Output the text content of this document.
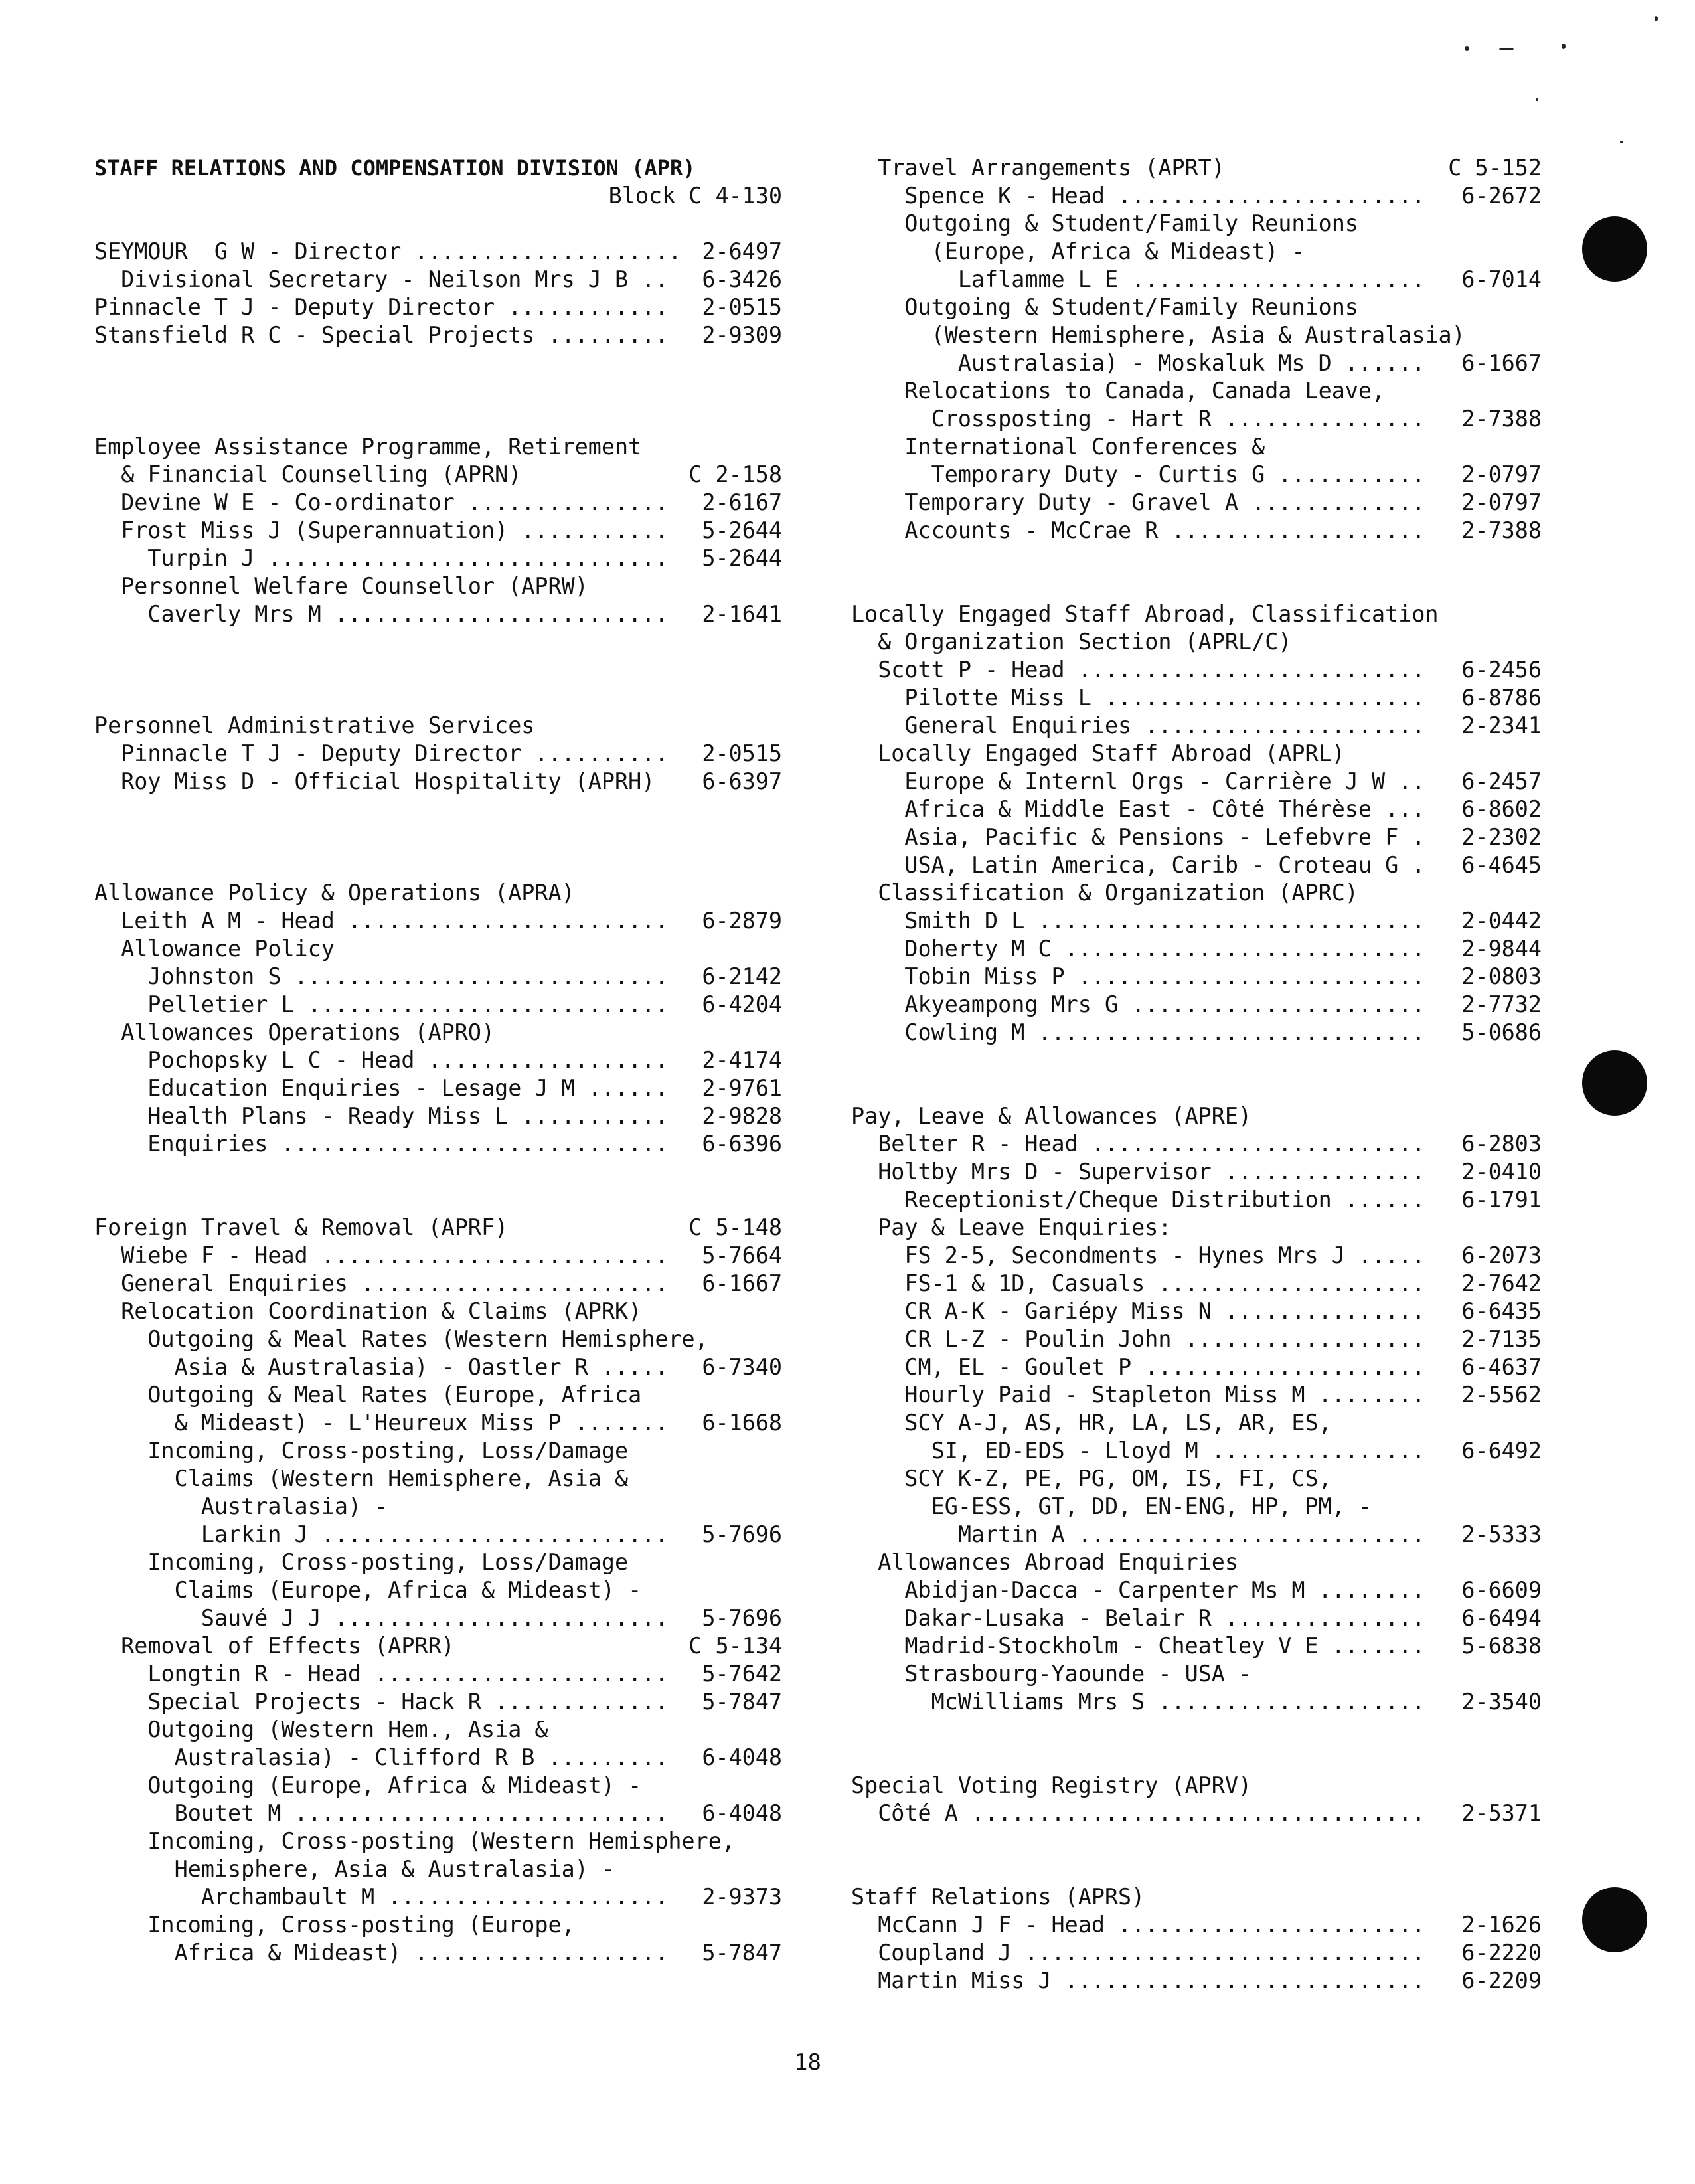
STAFF RELATIONS AND COMPENSATION DIVISION (APR)
Block C 4-130
SEYMOUR  G W - Director .................... 2-6497
Divisional Secretary - Neilson Mrs J B .. 6-3426
Pinnacle T J - Deputy Director ............ 2-0515
Stansfield R C - Special Projects ......... 2-9309
Employee Assistance Programme, Retirement
& Financial Counselling (APRN)	C 2-158
Devine W E - Co-ordinator ............... 2-6167
Frost Miss J (Superannuation) ........... 5-2644
Turpin J .............................. 5-2644
Personnel Welfare Counsellor (APRW)
Caverly Mrs M ......................... 2-1641
Personnel Administrative Services
Pinnacle T J - Deputy Director .......... 2-0515
Roy Miss D - Official Hospitality (APRH) 6-6397
Allowance Policy & Operations (APRA)
Leith A M - Head ........................ 6-2879
Allowance Policy
Johnston S ............................ 6-2142
Pelletier L ........................... 6-4204
Allowances Operations (APRO)
Pochopsky L C - Head .................. 2-4174
Education Enquiries - Lesage J M ...... 2-9761
Health Plans - Ready Miss L ........... 2-9828
Enquiries ............................. 6-6396
Foreign Travel & Removal (APRF)	C 5-148
Wiebe F - Head .......................... 5-7664
General Enquiries ....................... 6-1667
Relocation Coordination & Claims (APRK)
Outgoing & Meal Rates (Western Hemisphere,
Asia & Australasia) - Oastler R ..... 6-7340
Outgoing & Meal Rates (Europe, Africa
& Mideast) - L'Heureux Miss P ....... 6-1668
Incoming, Cross-posting, Loss/Damage
Claims (Western Hemisphere, Asia &
Australasia) -
Larkin J .......................... 5-7696
Incoming, Cross-posting, Loss/Damage
Claims (Europe, Africa & Mideast) -
Sauvé J J ......................... 5-7696
Removal of Effects (APRR)	C 5-134
Longtin R - Head ...................... 5-7642
Special Projects - Hack R ............. 5-7847
Outgoing (Western Hem., Asia &
Australasia) - Clifford R B ......... 6-4048
Outgoing (Europe, Africa & Mideast) -
Boutet M ............................ 6-4048
Incoming, Cross-posting (Western Hemisphere,
Hemisphere, Asia & Australasia) -
Archambault M ..................... 2-9373
Incoming, Cross-posting (Europe,
Africa & Mideast) ................... 5-7847
Travel Arrangements (APRT)	C 5-152
Spence K - Head ....................... 6-2672
Outgoing & Student/Family Reunions
(Europe, Africa & Mideast) -
Laflamme L E ...................... 6-7014
Outgoing & Student/Family Reunions
(Western Hemisphere, Asia & Australasia)
Australasia) - Moskaluk Ms D ...... 6-1667
Relocations to Canada, Canada Leave,
Crossposting - Hart R ............... 2-7388
International Conferences &
Temporary Duty - Curtis G ........... 2-0797
Temporary Duty - Gravel A ............. 2-0797
Accounts - McCrae R ................... 2-7388
Locally Engaged Staff Abroad, Classification
& Organization Section (APRL/C)
Scott P - Head .......................... 6-2456
Pilotte Miss L ........................ 6-8786
General Enquiries ..................... 2-2341
Locally Engaged Staff Abroad (APRL)
Europe & Internl Orgs - Carrière J W .. 6-2457
Africa & Middle East - Côté Thérèse ... 6-8602
Asia, Pacific & Pensions - Lefebvre F . 2-2302
USA, Latin America, Carib - Croteau G . 6-4645
Classification & Organization (APRC)
Smith D L ............................. 2-0442
Doherty M C ........................... 2-9844
Tobin Miss P .......................... 2-0803
Akyeampong Mrs G ...................... 2-7732
Cowling M ............................. 5-0686
Pay, Leave & Allowances (APRE)
Belter R - Head ......................... 6-2803
Holtby Mrs D - Supervisor ............... 2-0410
Receptionist/Cheque Distribution ...... 6-1791
Pay & Leave Enquiries:
FS 2-5, Secondments - Hynes Mrs J ..... 6-2073
FS-1 & 1D, Casuals .................... 2-7642
CR A-K - Gariépy Miss N ............... 6-6435
CR L-Z - Poulin John .................. 2-7135
CM, EL - Goulet P ..................... 6-4637
Hourly Paid - Stapleton Miss M ........ 2-5562
SCY A-J, AS, HR, LA, LS, AR, ES,
SI, ED-EDS - Lloyd M ................ 6-6492
SCY K-Z, PE, PG, OM, IS, FI, CS,
EG-ESS, GT, DD, EN-ENG, HP, PM, -
Martin A .......................... 2-5333
Allowances Abroad Enquiries
Abidjan-Dacca - Carpenter Ms M ........ 6-6609
Dakar-Lusaka - Belair R ............... 6-6494
Madrid-Stockholm - Cheatley V E ....... 5-6838
Strasbourg-Yaounde - USA -
McWilliams Mrs S .................... 2-3540
Special Voting Registry (APRV)
Côté A .................................. 2-5371
Staff Relations (APRS)
McCann J F - Head ....................... 2-1626
Coupland J .............................. 6-2220
Martin Miss J ........................... 6-2209
18
